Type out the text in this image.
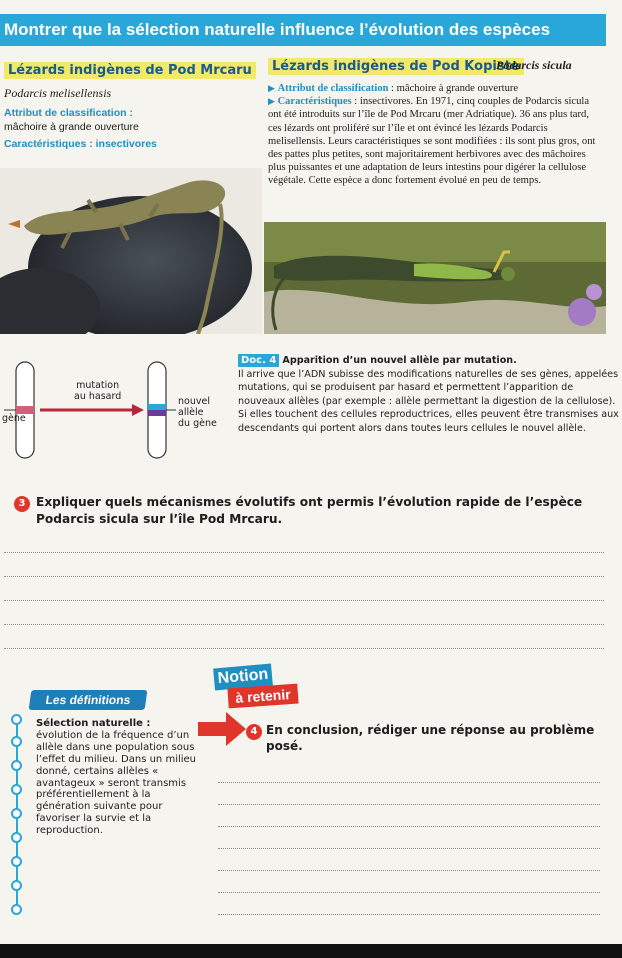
Montrer que la sélection naturelle influence l’évolution des espèces
Lézards indigènes de Pod Mrcaru
Podarcis melisellensis
Attribut de classification :
mâchoire à grande ouverture
Caractéristiques : insectivores
Lézards indigènes de Pod Kopiste
Podarcis sicula
▶ Attribut de classification : mâchoire à grande ouverture
▶ Caractéristiques : insectivores. En 1971, cinq couples de Podarcis sicula ont été introduits sur l’île de Pod Mrcaru (mer Adriatique). 36 ans plus tard, ces lézards ont proliféré sur l’île et ont évincé les lézards Podarcis melisellensis. Leurs caractéristiques se sont modifiées : ils sont plus gros, ont des pattes plus petites, sont majoritairement herbivores avec des mâchoires plus puissantes et une adaptation de leurs intestins pour digérer la cellulose végétale. Cette espèce a donc fortement évolué en peu de temps.
mutation
au hasard
gène
nouvel
allèle
du gène
Doc. 4 Apparition d’un nouvel allèle par mutation.
Il arrive que l’ADN subisse des modifications naturelles de ses gènes, appelées mutations, qui se produisent par hasard et permettent l’apparition de nouveaux allèles (par exemple : allèle permettant la digestion de la cellulose). Si elles touchent des cellules reproductrices, elles peuvent être transmises aux descendants qui portent alors dans toutes leurs cellules le nouvel allèle.
3 Expliquer quels mécanismes évolutifs ont permis l’évolution rapide de l’espèce Podarcis sicula sur l’île Pod Mrcaru.
Notion
à retenir
Les définitions
Sélection naturelle :
évolution de la fréquence d’un allèle dans une population sous l’effet du milieu. Dans un milieu donné, certains allèles « avantageux » seront transmis préférentiellement à la génération suivante pour favoriser la survie et la reproduction.
4 En conclusion, rédiger une réponse au problème posé.
